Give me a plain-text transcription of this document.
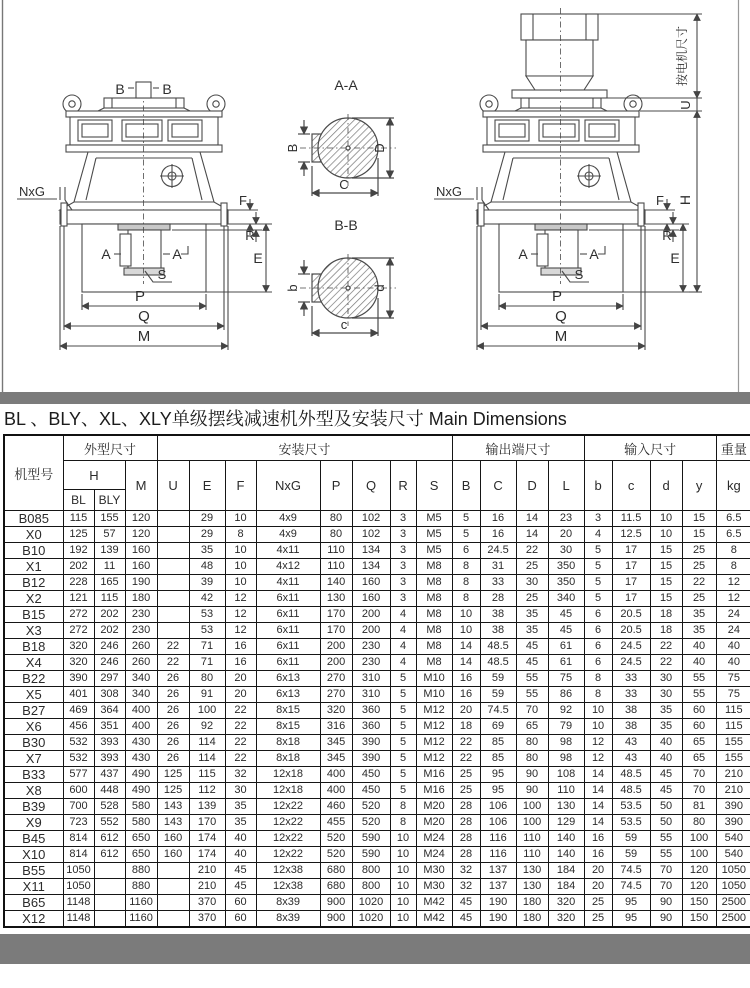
B	B	A-A
B	D
C
B-B
b	d
c
按电机尺寸
U
H
BL 、BLY、XL、XLY单级摆线减速机外型及安装尺寸 Main Dimensions
机型号	外型尺寸			安装尺寸								输出端尺寸				输入尺寸				重量
	H		M	U	E	F	NxG	P	Q	R	S	B	C	D	L	b	c	d	y	kg
	BL	BLY																		
B085	115	155	120		29	10	4x9	80	102	3	M5	5	16	14	23	3	11.5	10	15	6.5
X0	125	57	120		29	8	4x9	80	102	3	M5	5	16	14	20	4	12.5	10	15	6.5
B10	192	139	160		35	10	4x11	110	134	3	M5	6	24.5	22	30	5	17	15	25	8
X1	202	11	160		48	10	4x12	110	134	3	M8	8	31	25	350	5	17	15	25	8
B12	228	165	190		39	10	4x11	140	160	3	M8	8	33	30	350	5	17	15	22	12
X2	121	115	180		42	12	6x11	130	160	3	M8	8	28	25	340	5	17	15	25	12
B15	272	202	230		53	12	6x11	170	200	4	M8	10	38	35	45	6	20.5	18	35	24
X3	272	202	230		53	12	6x11	170	200	4	M8	10	38	35	45	6	20.5	18	35	24
B18	320	246	260	22	71	16	6x11	200	230	4	M8	14	48.5	45	61	6	24.5	22	40	40
X4	320	246	260	22	71	16	6x11	200	230	4	M8	14	48.5	45	61	6	24.5	22	40	40
B22	390	297	340	26	80	20	6x13	270	310	5	M10	16	59	55	75	8	33	30	55	75
X5	401	308	340	26	91	20	6x13	270	310	5	M10	16	59	55	86	8	33	30	55	75
B27	469	364	400	26	100	22	8x15	320	360	5	M12	20	74.5	70	92	10	38	35	60	115
X6	456	351	400	26	92	22	8x15	316	360	5	M12	18	69	65	79	10	38	35	60	115
B30	532	393	430	26	114	22	8x18	345	390	5	M12	22	85	80	98	12	43	40	65	155
X7	532	393	430	26	114	22	8x18	345	390	5	M12	22	85	80	98	12	43	40	65	155
B33	577	437	490	125	115	32	12x18	400	450	5	M16	25	95	90	108	14	48.5	45	70	210
X8	600	448	490	125	112	30	12x18	400	450	5	M16	25	95	90	110	14	48.5	45	70	210
B39	700	528	580	143	139	35	12x22	460	520	8	M20	28	106	100	130	14	53.5	50	81	390
X9	723	552	580	143	170	35	12x22	455	520	8	M20	28	106	100	129	14	53.5	50	80	390
B45	814	612	650	160	174	40	12x22	520	590	10	M24	28	116	110	140	16	59	55	100	540
X10	814	612	650	160	174	40	12x22	520	590	10	M24	28	116	110	140	16	59	55	100	540
B55	1050		880		210	45	12x38	680	800	10	M30	32	137	130	184	20	74.5	70	120	1050
X11	1050		880		210	45	12x38	680	800	10	M30	32	137	130	184	20	74.5	70	120	1050
B65	1148		1160		370	60	8x39	900	1020	10	M42	45	190	180	320	25	95	90	150	2500
X12	1148		1160		370	60	8x39	900	1020	10	M42	45	190	180	320	25	95	90	150	2500
